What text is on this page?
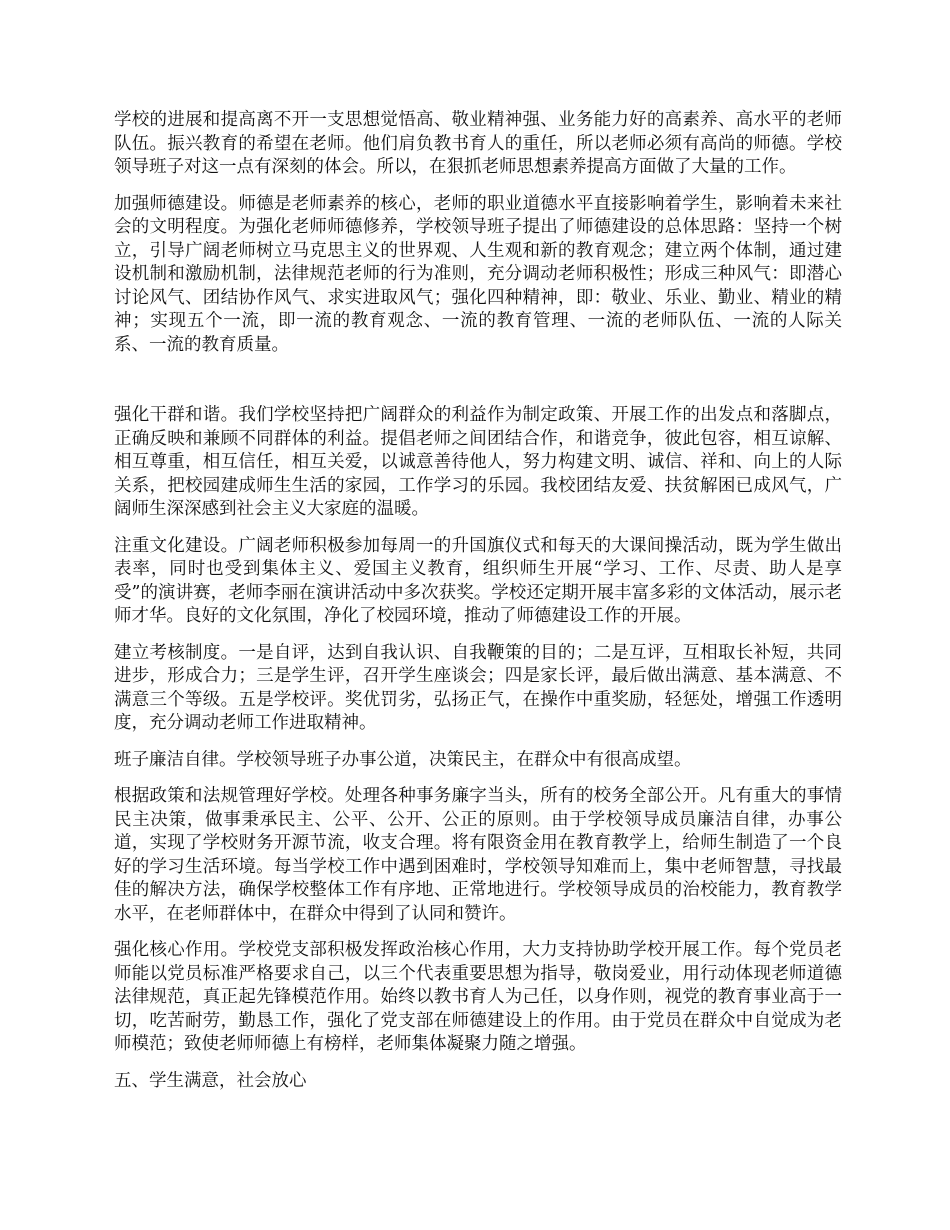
学校的进展和提高离不开一支思想觉悟高、敬业精神强、业务能力好的高素养、高水平的老师队伍。振兴教育的希望在老师。他们肩负教书育人的重任，所以老师必须有高尚的师德。学校领导班子对这一点有深刻的体会。所以，在狠抓老师思想素养提高方面做了大量的工作。

加强师德建设。师德是老师素养的核心，老师的职业道德水平直接影响着学生，影响着未来社会的文明程度。为强化老师师德修养，学校领导班子提出了师德建设的总体思路：坚持一个树立，引导广阔老师树立马克思主义的世界观、人生观和新的教育观念；建立两个体制，通过建设机制和激励机制，法律规范老师的行为准则，充分调动老师积极性；形成三种风气：即潜心讨论风气、团结协作风气、求实进取风气；强化四种精神，即：敬业、乐业、勤业、精业的精神；实现五个一流，即一流的教育观念、一流的教育管理、一流的老师队伍、一流的人际关系、一流的教育质量。

强化干群和谐。我们学校坚持把广阔群众的利益作为制定政策、开展工作的出发点和落脚点，正确反映和兼顾不同群体的利益。提倡老师之间团结合作，和谐竞争，彼此包容，相互谅解、相互尊重，相互信任，相互关爱，以诚意善待他人，努力构建文明、诚信、祥和、向上的人际关系，把校园建成师生生活的家园，工作学习的乐园。我校团结友爱、扶贫解困已成风气，广阔师生深深感到社会主义大家庭的温暖。

注重文化建设。广阔老师积极参加每周一的升国旗仪式和每天的大课间操活动，既为学生做出表率，同时也受到集体主义、爱国主义教育，组织师生开展“学习、工作、尽责、助人是享受”的演讲赛，老师李丽在演讲活动中多次获奖。学校还定期开展丰富多彩的文体活动，展示老师才华。良好的文化氛围，净化了校园环境，推动了师德建设工作的开展。

建立考核制度。一是自评，达到自我认识、自我鞭策的目的；二是互评，互相取长补短，共同进步，形成合力；三是学生评，召开学生座谈会；四是家长评，最后做出满意、基本满意、不满意三个等级。五是学校评。奖优罚劣，弘扬正气，在操作中重奖励，轻惩处，增强工作透明度，充分调动老师工作进取精神。

班子廉洁自律。学校领导班子办事公道，决策民主，在群众中有很高成望。

根据政策和法规管理好学校。处理各种事务廉字当头，所有的校务全部公开。凡有重大的事情民主决策，做事秉承民主、公平、公开、公正的原则。由于学校领导成员廉洁自律，办事公道，实现了学校财务开源节流，收支合理。将有限资金用在教育教学上，给师生制造了一个良好的学习生活环境。每当学校工作中遇到困难时，学校领导知难而上，集中老师智慧，寻找最佳的解决方法，确保学校整体工作有序地、正常地进行。学校领导成员的治校能力，教育教学水平，在老师群体中，在群众中得到了认同和赞许。

强化核心作用。学校党支部积极发挥政治核心作用，大力支持协助学校开展工作。每个党员老师能以党员标准严格要求自己，以三个代表重要思想为指导，敬岗爱业，用行动体现老师道德法律规范，真正起先锋模范作用。始终以教书育人为己任，以身作则，视党的教育事业高于一切，吃苦耐劳，勤恳工作，强化了党支部在师德建设上的作用。由于党员在群众中自觉成为老师模范；致使老师师德上有榜样，老师集体凝聚力随之增强。

五、学生满意，社会放心
